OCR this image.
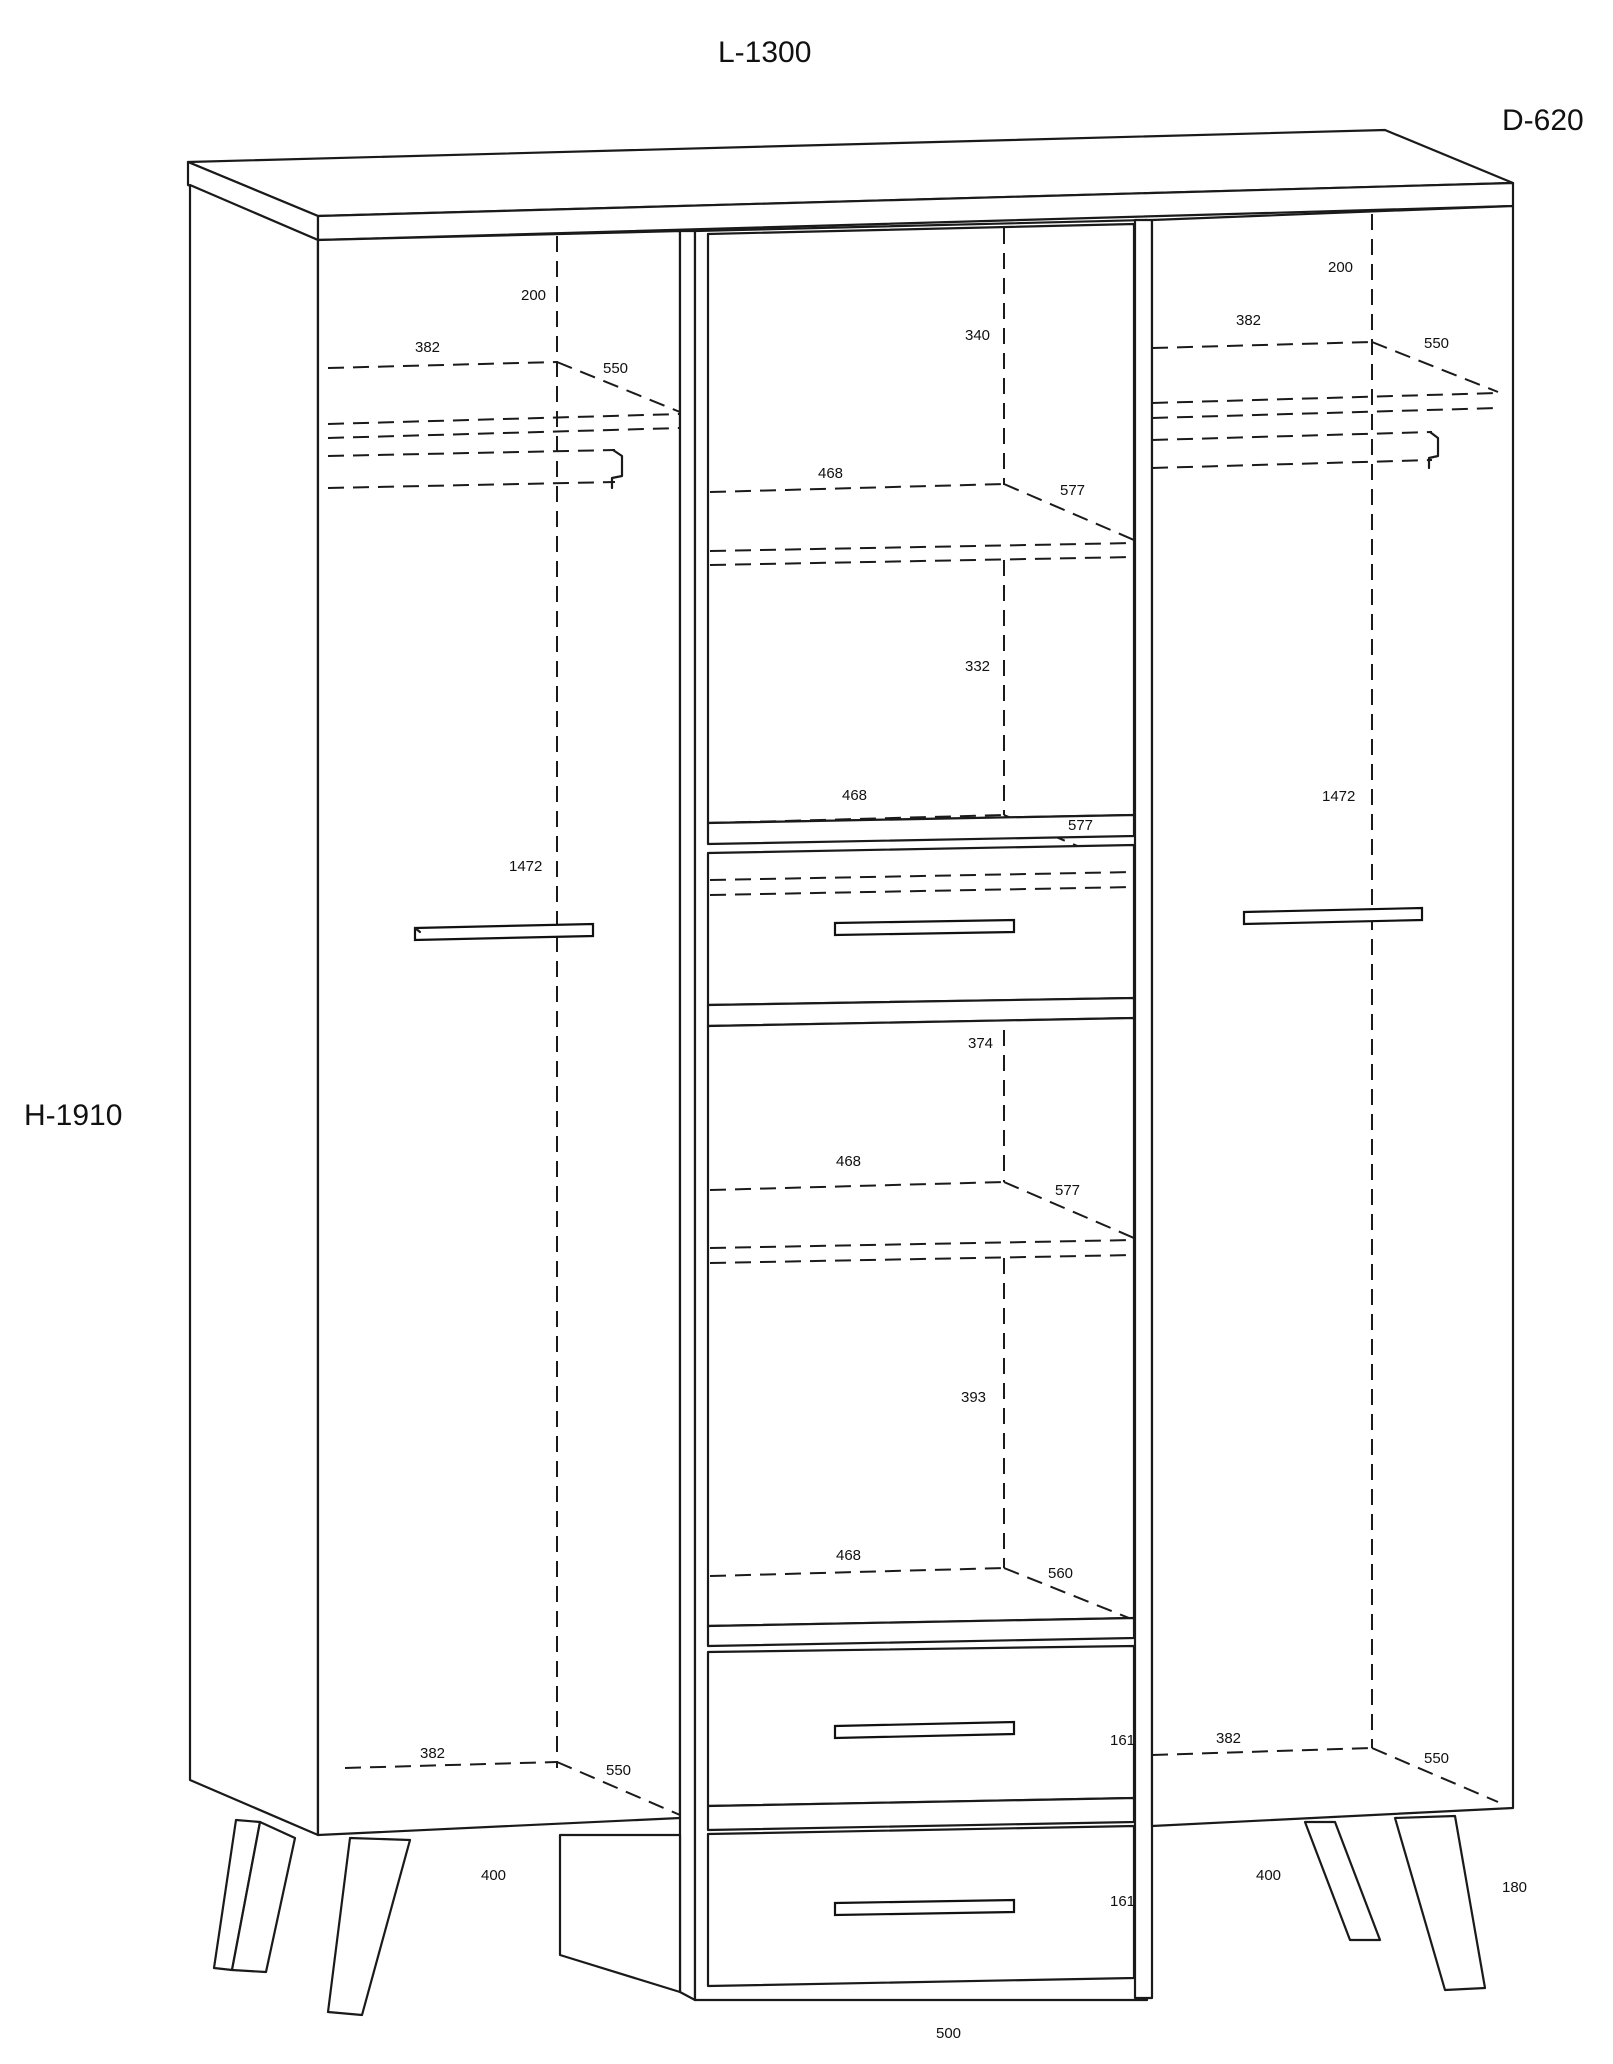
L-1300
D-620
H-1910
200
382
550
1472
382
550
400
340
468
577
332
468
577
374
468
577
393
468
560
161
161
500
200
382
550
1472
382
550
400
180
